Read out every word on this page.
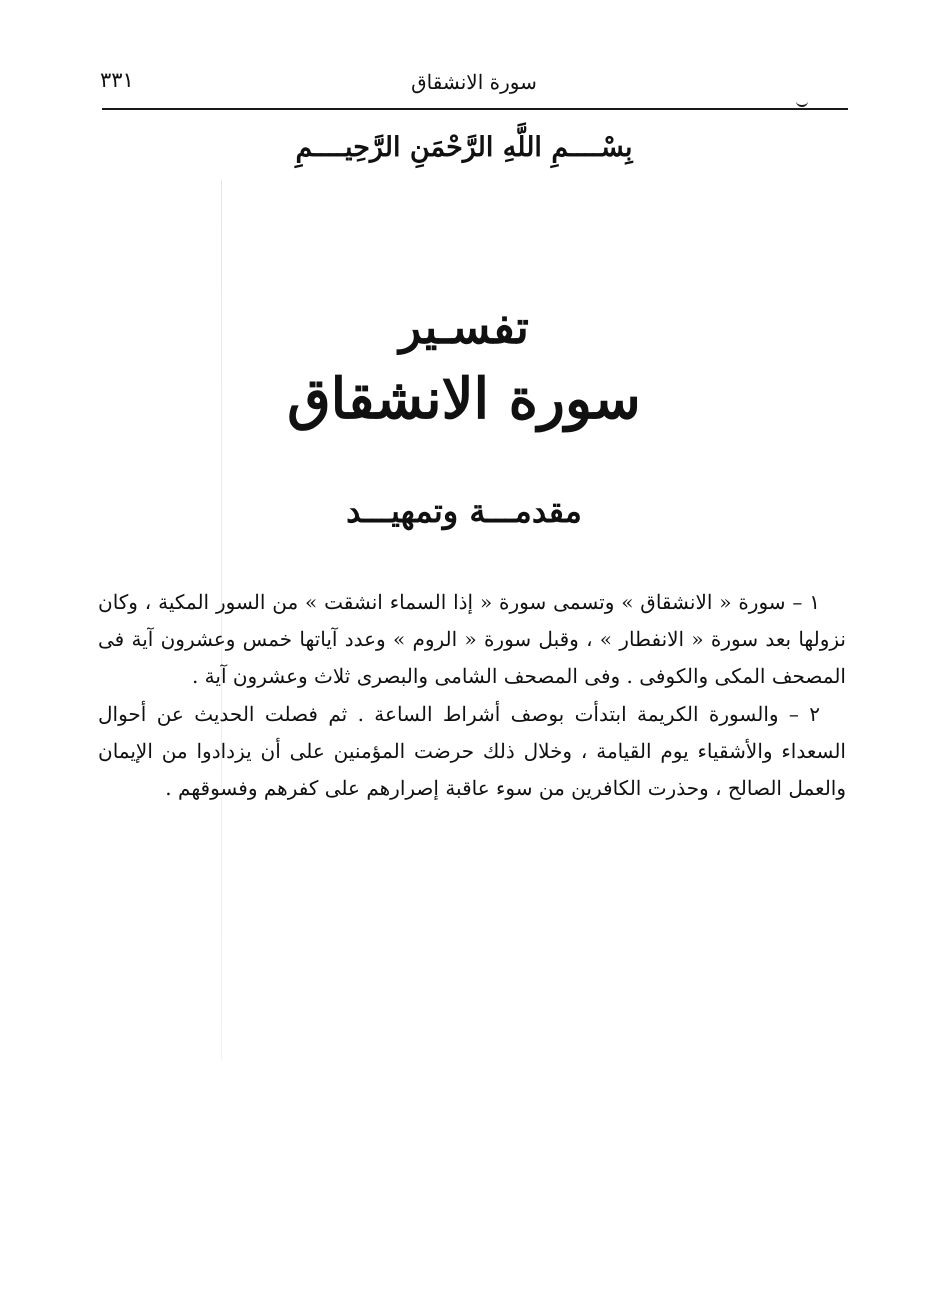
٣٣١	سورة الانشقاق
بِسْــــمِ اللَّهِ الرَّحْمَنِ الرَّحِيــــمِ
تفسـير
سورة الانشقاق
مقدمـــة وتمهيـــد

١ – سورة « الانشقاق » وتسمى سورة « إذا السماء انشقت » من السور المكية ، وكان نزولها بعد سورة « الانفطار » ، وقبل سورة « الروم » وعدد آياتها خمس وعشرون آية فى المصحف المكى والكوفى . وفى المصحف الشامى والبصرى ثلاث وعشرون آية .

٢ – والسورة الكريمة ابتدأت بوصف أشراط الساعة . ثم فصلت الحديث عن أحوال السعداء والأشقياء يوم القيامة ، وخلال ذلك حرضت المؤمنين على أن يزدادوا من الإيمان والعمل الصالح ، وحذرت الكافرين من سوء عاقبة إصرارهم على كفرهم وفسوقهم .
